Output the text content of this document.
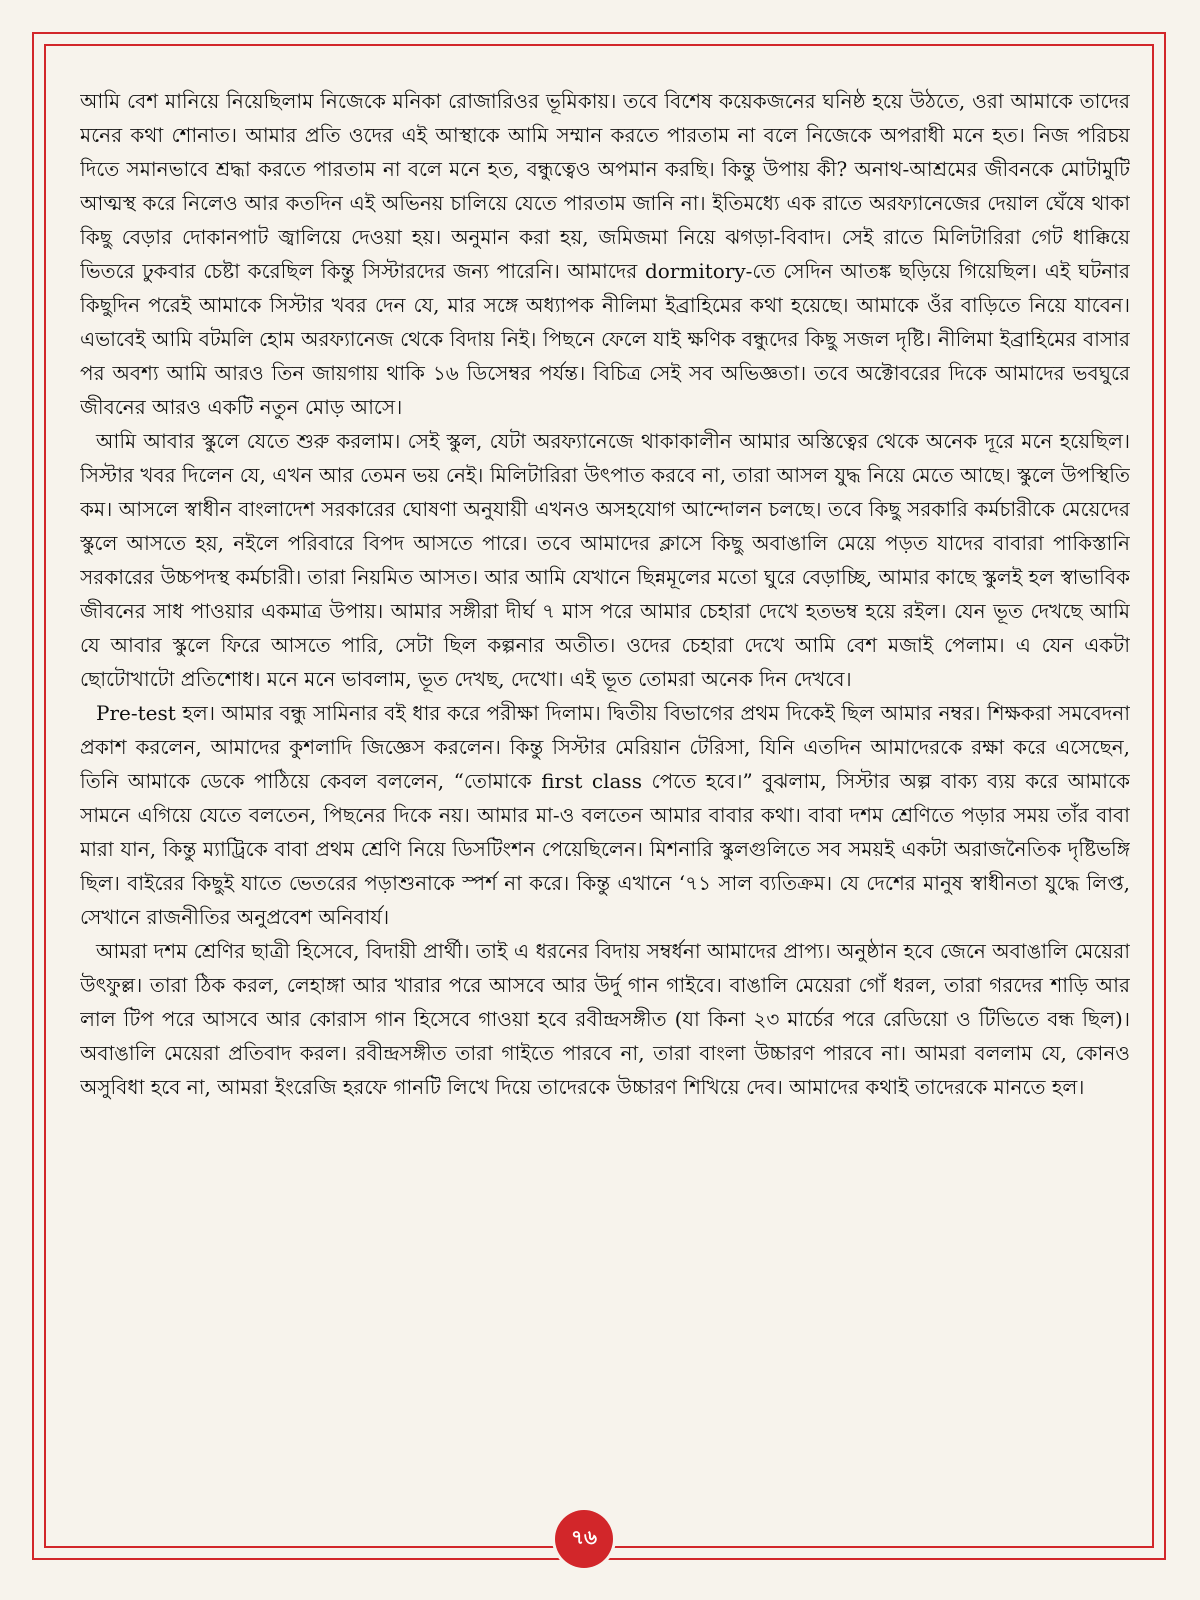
আমি বেশ মানিয়ে নিয়েছিলাম নিজেকে মনিকা রোজারিওর ভূমিকায়। তবে বিশেষ কয়েকজনের ঘনিষ্ঠ হয়ে উঠতে, ওরা আমাকে তাদের মনের কথা শোনাত। আমার প্রতি ওদের এই আস্থাকে আমি সম্মান করতে পারতাম না বলে নিজেকে অপরাধী মনে হত। নিজ পরিচয় দিতে সমানভাবে শ্রদ্ধা করতে পারতাম না বলে মনে হত, বন্ধুত্বেও অপমান করছি। কিন্তু উপায় কী? অনাথ-আশ্রমের জীবনকে মোটামুটি আত্মস্থ করে নিলেও আর কতদিন এই অভিনয় চালিয়ে যেতে পারতাম জানি না। ইতিমধ্যে এক রাতে অরফ্যানেজের দেয়াল ঘেঁষে থাকা কিছু বেড়ার দোকানপাট জ্বালিয়ে দেওয়া হয়। অনুমান করা হয়, জমিজমা নিয়ে ঝগড়া-বিবাদ। সেই রাতে মিলিটারিরা গেট ধাক্কিয়ে ভিতরে ঢুকবার চেষ্টা করেছিল কিন্তু সিস্টারদের জন্য পারেনি। আমাদের dormitory-তে সেদিন আতঙ্ক ছড়িয়ে গিয়েছিল। এই ঘটনার কিছুদিন পরেই আমাকে সিস্টার খবর দেন যে, মার সঙ্গে অধ্যাপক নীলিমা ইব্রাহিমের কথা হয়েছে। আমাকে ওঁর বাড়িতে নিয়ে যাবেন। এভাবেই আমি বটমলি হোম অরফ্যানেজ থেকে বিদায় নিই। পিছনে ফেলে যাই ক্ষণিক বন্ধুদের কিছু সজল দৃষ্টি। নীলিমা ইব্রাহিমের বাসার পর অবশ্য আমি আরও তিন জায়গায় থাকি ১৬ ডিসেম্বর পর্যন্ত। বিচিত্র সেই সব অভিজ্ঞতা। তবে অক্টোবরের দিকে আমাদের ভবঘুরে জীবনের আরও একটি নতুন মোড় আসে।

আমি আবার স্কুলে যেতে শুরু করলাম। সেই স্কুল, যেটা অরফ্যানেজে থাকাকালীন আমার অস্তিত্বের থেকে অনেক দূরে মনে হয়েছিল। সিস্টার খবর দিলেন যে, এখন আর তেমন ভয় নেই। মিলিটারিরা উৎপাত করবে না, তারা আসল যুদ্ধ নিয়ে মেতে আছে। স্কুলে উপস্থিতি কম। আসলে স্বাধীন বাংলাদেশ সরকারের ঘোষণা অনুযায়ী এখনও অসহযোগ আন্দোলন চলছে। তবে কিছু সরকারি কর্মচারীকে মেয়েদের স্কুলে আসতে হয়, নইলে পরিবারে বিপদ আসতে পারে। তবে আমাদের ক্লাসে কিছু অবাঙালি মেয়ে পড়ত যাদের বাবারা পাকিস্তানি সরকারের উচ্চপদস্থ কর্মচারী। তারা নিয়মিত আসত। আর আমি যেখানে ছিন্নমূলের মতো ঘুরে বেড়াচ্ছি, আমার কাছে স্কুলই হল স্বাভাবিক জীবনের সাধ পাওয়ার একমাত্র উপায়। আমার সঙ্গীরা দীর্ঘ ৭ মাস পরে আমার চেহারা দেখে হতভম্ব হয়ে রইল। যেন ভূত দেখছে আমি যে আবার স্কুলে ফিরে আসতে পারি, সেটা ছিল কল্পনার অতীত। ওদের চেহারা দেখে আমি বেশ মজাই পেলাম। এ যেন একটা ছোটোখাটো প্রতিশোধ। মনে মনে ভাবলাম, ভূত দেখছ, দেখো। এই ভূত তোমরা অনেক দিন দেখবে।

Pre-test হল। আমার বন্ধু সামিনার বই ধার করে পরীক্ষা দিলাম। দ্বিতীয় বিভাগের প্রথম দিকেই ছিল আমার নম্বর। শিক্ষকরা সমবেদনা প্রকাশ করলেন, আমাদের কুশলাদি জিজ্ঞেস করলেন। কিন্তু সিস্টার মেরিয়ান টেরিসা, যিনি এতদিন আমাদেরকে রক্ষা করে এসেছেন, তিনি আমাকে ডেকে পাঠিয়ে কেবল বললেন, “তোমাকে first class পেতে হবে।” বুঝলাম, সিস্টার অল্প বাক্য ব্যয় করে আমাকে সামনে এগিয়ে যেতে বলতেন, পিছনের দিকে নয়। আমার মা-ও বলতেন আমার বাবার কথা। বাবা দশম শ্রেণিতে পড়ার সময় তাঁর বাবা মারা যান, কিন্তু ম্যাট্রিকে বাবা প্রথম শ্রেণি নিয়ে ডিসটিংশন পেয়েছিলেন। মিশনারি স্কুলগুলিতে সব সময়ই একটা অরাজনৈতিক দৃষ্টিভঙ্গি ছিল। বাইরের কিছুই যাতে ভেতরের পড়াশুনাকে স্পর্শ না করে। কিন্তু এখানে ‘৭১ সাল ব্যতিক্রম। যে দেশের মানুষ স্বাধীনতা যুদ্ধে লিপ্ত, সেখানে রাজনীতির অনুপ্রবেশ অনিবার্য।

আমরা দশম শ্রেণির ছাত্রী হিসেবে, বিদায়ী প্রার্থী। তাই এ ধরনের বিদায় সম্বর্ধনা আমাদের প্রাপ্য। অনুষ্ঠান হবে জেনে অবাঙালি মেয়েরা উৎফুল্ল। তারা ঠিক করল, লেহাঙ্গা আর খারার পরে আসবে আর উর্দু গান গাইবে। বাঙালি মেয়েরা গোঁ ধরল, তারা গরদের শাড়ি আর লাল টিপ পরে আসবে আর কোরাস গান হিসেবে গাওয়া হবে রবীন্দ্রসঙ্গীত (যা কিনা ২৩ মার্চের পরে রেডিয়ো ও টিভিতে বন্ধ ছিল)। অবাঙালি মেয়েরা প্রতিবাদ করল। রবীন্দ্রসঙ্গীত তারা গাইতে পারবে না, তারা বাংলা উচ্চারণ পারবে না। আমরা বললাম যে, কোনও অসুবিধা হবে না, আমরা ইংরেজি হরফে গানটি লিখে দিয়ে তাদেরকে উচ্চারণ শিখিয়ে দেব। আমাদের কথাই তাদেরকে মানতে হল।

৭৬
